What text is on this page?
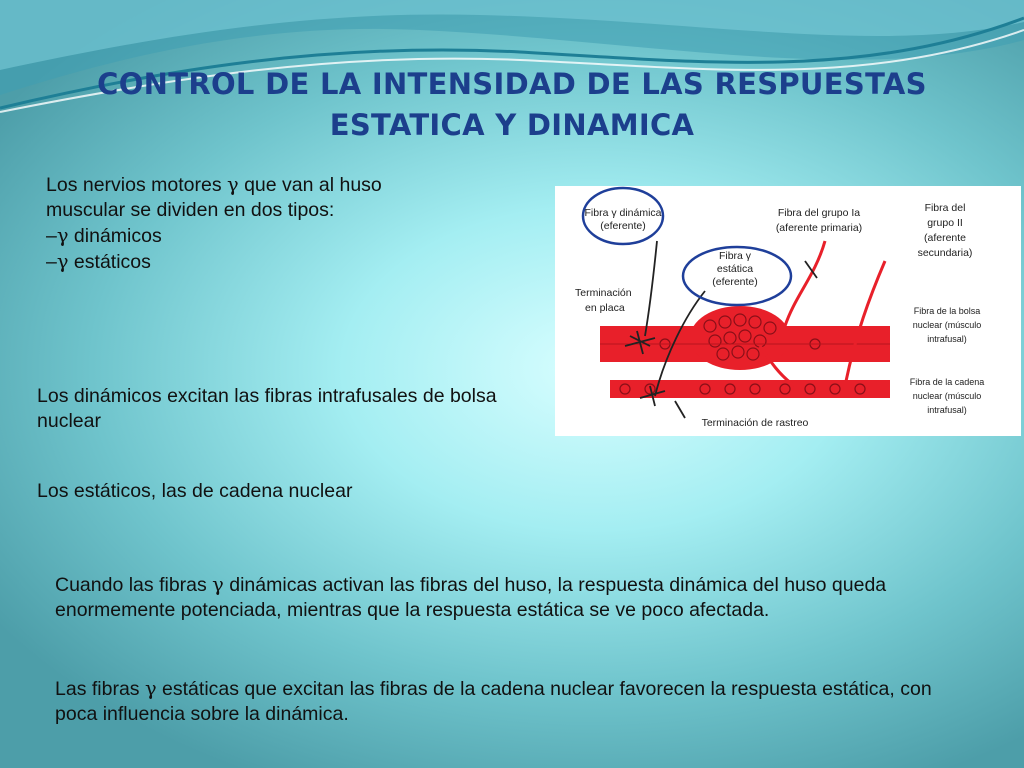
CONTROL DE LA INTENSIDAD DE LAS RESPUESTAS
ESTATICA Y DINAMICA
Los nervios motores γ que van al huso
muscular se dividen en dos tipos:
–γ dinámicos
–γ estáticos
Los dinámicos excitan las fibras intrafusales de bolsa nuclear
Los estáticos, las de cadena nuclear
Cuando las fibras γ dinámicas activan las fibras del huso, la respuesta dinámica del huso queda enormemente potenciada, mientras que la respuesta estática se ve poco afectada.
Las fibras γ estáticas que excitan las fibras de la cadena nuclear favorecen la respuesta estática, con poca influencia sobre la dinámica.
Fibra γ dinámica
(eferente)
Fibra γ
estática
(eferente)
Fibra del grupo Ia
(aferente primaria)
Fibra del
grupo II
(aferente
secundaria)
Terminación
en placa	Fibra de la bolsa
nuclear (músculo
intrafusal)
Fibra de la cadena
nuclear (músculo
intrafusal)
Terminación de rastreo
